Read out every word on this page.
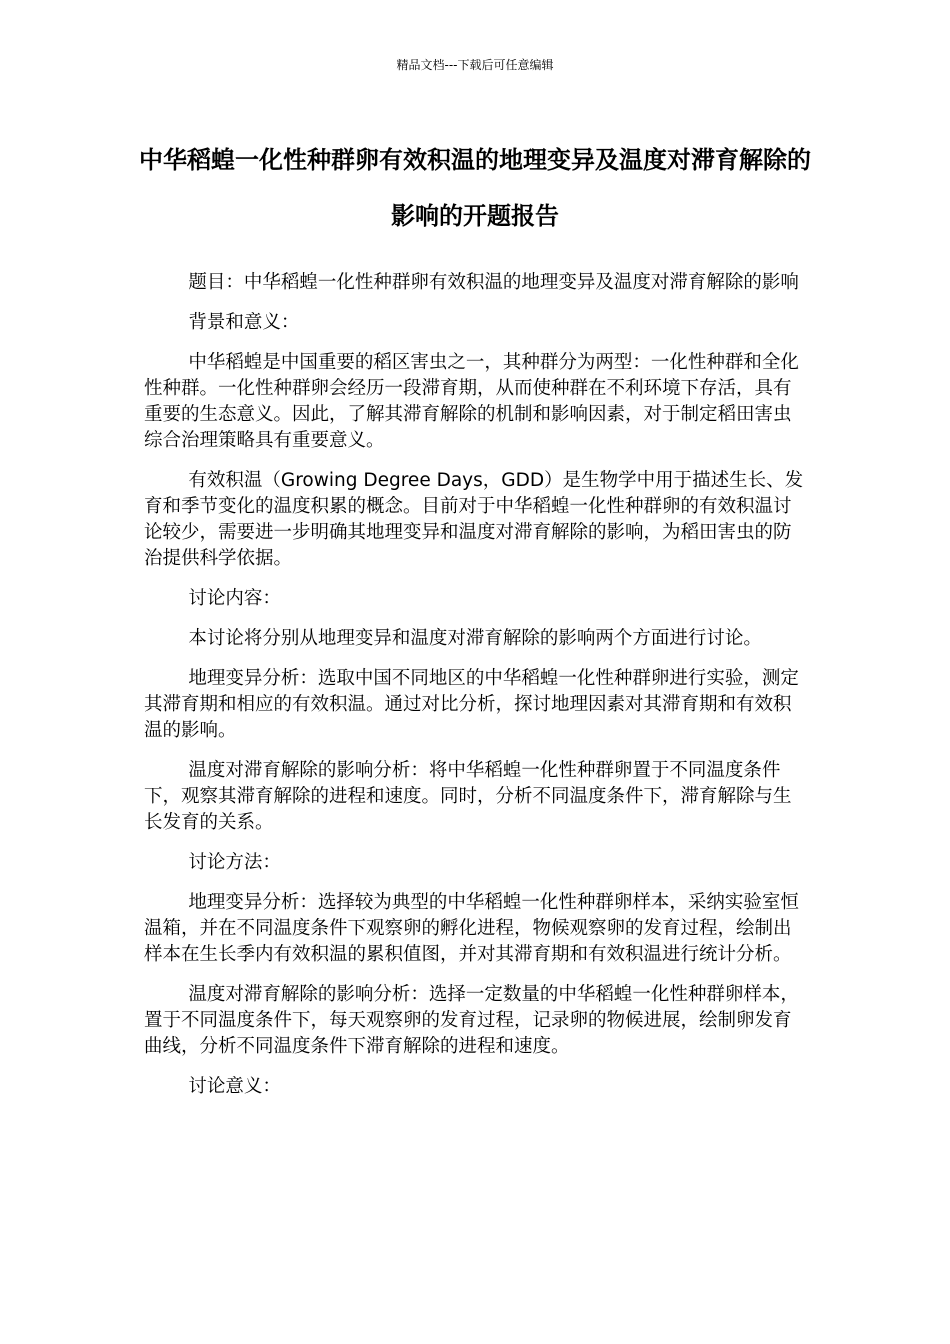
精品文档---下载后可任意编辑
中华稻蝗一化性种群卵有效积温的地理变异及温度对滞育解除的影响的开题报告

题目：中华稻蝗一化性种群卵有效积温的地理变异及温度对滞育解除的影响

背景和意义：

中华稻蝗是中国重要的稻区害虫之一，其种群分为两型：一化性种群和全化性种群。一化性种群卵会经历一段滞育期，从而使种群在不利环境下存活，具有重要的生态意义。因此，了解其滞育解除的机制和影响因素，对于制定稻田害虫综合治理策略具有重要意义。

有效积温（Growing Degree Days，GDD）是生物学中用于描述生长、发育和季节变化的温度积累的概念。目前对于中华稻蝗一化性种群卵的有效积温讨论较少，需要进一步明确其地理变异和温度对滞育解除的影响，为稻田害虫的防治提供科学依据。

讨论内容：

本讨论将分别从地理变异和温度对滞育解除的影响两个方面进行讨论。

地理变异分析：选取中国不同地区的中华稻蝗一化性种群卵进行实验，测定其滞育期和相应的有效积温。通过对比分析，探讨地理因素对其滞育期和有效积温的影响。

温度对滞育解除的影响分析：将中华稻蝗一化性种群卵置于不同温度条件下，观察其滞育解除的进程和速度。同时，分析不同温度条件下，滞育解除与生长发育的关系。

讨论方法：

地理变异分析：选择较为典型的中华稻蝗一化性种群卵样本，采纳实验室恒温箱，并在不同温度条件下观察卵的孵化进程，物候观察卵的发育过程，绘制出样本在生长季内有效积温的累积值图，并对其滞育期和有效积温进行统计分析。

温度对滞育解除的影响分析：选择一定数量的中华稻蝗一化性种群卵样本，置于不同温度条件下，每天观察卵的发育过程，记录卵的物候进展，绘制卵发育曲线，分析不同温度条件下滞育解除的进程和速度。

讨论意义：
